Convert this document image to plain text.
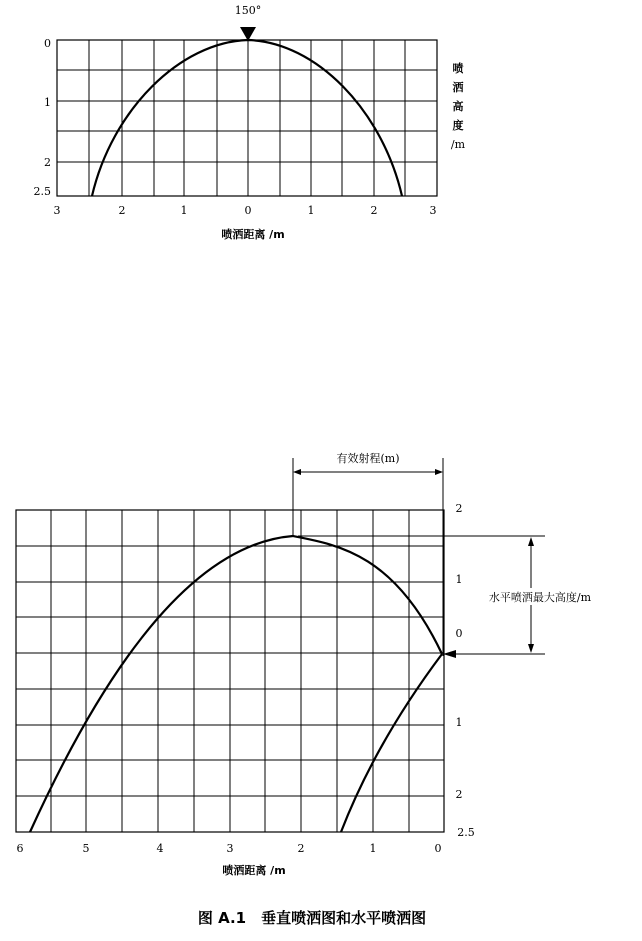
150°
0
1
2
2.5
3	2	1	0	1	2	3
喷
洒
高
度
/m
喷洒距离 /m
有效射程(m)
水平喷洒最大高度/m
2
1
0
1
2
2.5
6	5	4	3	2	1	0
喷洒距离 /m
图 A.1　垂直喷洒图和水平喷洒图
